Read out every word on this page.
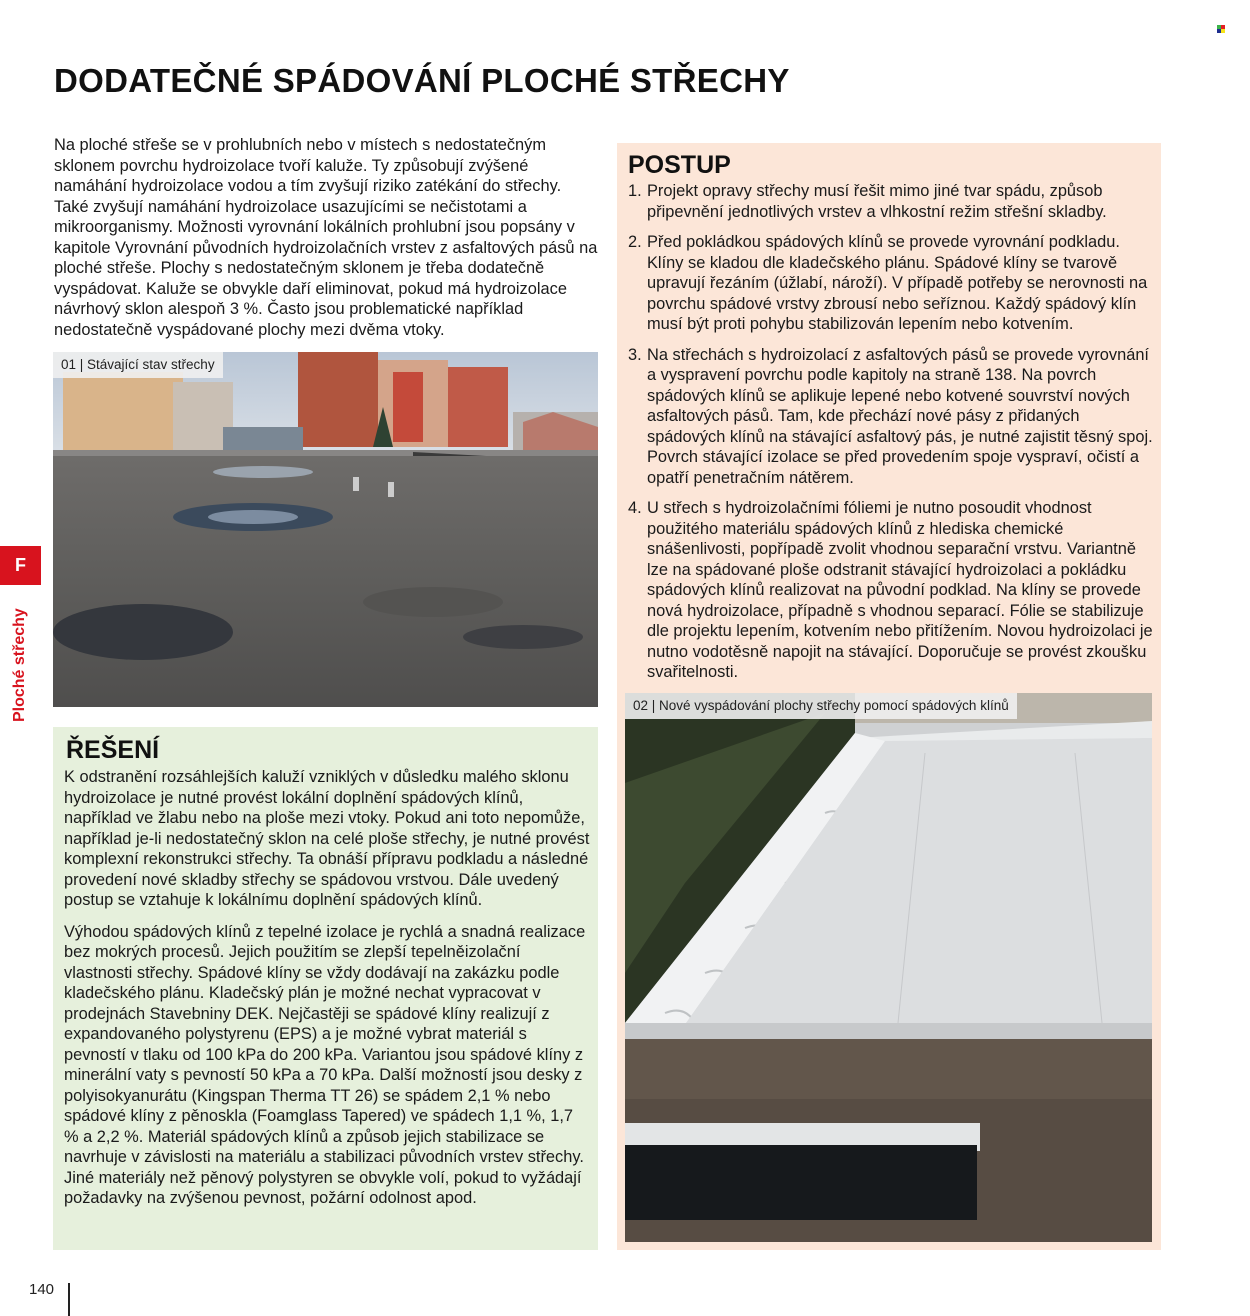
DODATEČNÉ SPÁDOVÁNÍ PLOCHÉ STŘECHY

Na ploché střeše se v prohlubních nebo v místech s nedostatečným sklonem povrchu hydroizolace tvoří kaluže. Ty způsobují zvýšené namáhání hydroizolace vodou a tím zvyšují riziko zatékání do střechy. Také zvyšují namáhání hydroizolace usazujícími se nečistotami a mikroorganismy. Možnosti vyrovnání lokálních prohlubní jsou popsány v kapitole Vyrovnání původních hydroizolačních vrstev z asfaltových pásů na ploché střeše. Plochy s nedostatečným sklonem je třeba dodatečně vyspádovat. Kaluže se obvykle daří eliminovat, pokud má hydroizolace návrhový sklon alespoň 3 %. Často jsou problematické například nedostatečně vyspádované plochy mezi dvěma vtoky.

01 | Stávající stav střechy
ŘEŠENÍ

K odstranění rozsáhlejších kaluží vzniklých v důsledku malého sklonu hydroizolace je nutné provést lokální doplnění spádových klínů, například ve žlabu nebo na ploše mezi vtoky. Pokud ani toto nepomůže, například je-li nedostatečný sklon na celé ploše střechy, je nutné provést komplexní rekonstrukci střechy. Ta obnáší přípravu podkladu a následné provedení nové skladby střechy se spádovou vrstvou. Dále uvedený postup se vztahuje k lokálnímu doplnění spádových klínů.

Výhodou spádových klínů z tepelné izolace je rychlá a snadná realizace bez mokrých procesů. Jejich použitím se zlepší tepelněizolační vlastnosti střechy. Spádové klíny se vždy dodávají na zakázku podle kladečského plánu. Kladečský plán je možné nechat vypracovat v prodejnách Stavebniny DEK. Nejčastěji se spádové klíny realizují z expandovaného polystyrenu (EPS) a je možné vybrat materiál s pevností v tlaku od 100 kPa do 200 kPa. Variantou jsou spádové klíny z minerální vaty s pevností 50 kPa a 70 kPa. Další možností jsou desky z polyisokyanurátu (Kingspan Therma TT 26) se spádem 2,1 % nebo spádové klíny z pěnoskla (Foamglass Tapered) ve spádech 1,1 %, 1,7 % a 2,2 %. Materiál spádových klínů a způsob jejich stabilizace se navrhuje v závislosti na materiálu a stabilizaci původních vrstev střechy. Jiné materiály než pěnový polystyren se obvykle volí, pokud to vyžádají požadavky na zvýšenou pevnost, požární odolnost apod.

POSTUP
1. Projekt opravy střechy musí řešit mimo jiné tvar spádu, způsob připevnění jednotlivých vrstev a vlhkostní režim střešní skladby.
2. Před pokládkou spádových klínů se provede vyrovnání podkladu. Klíny se kladou dle kladečského plánu. Spádové klíny se tvarově upravují řezáním (úžlabí, nároží). V případě potřeby se nerovnosti na povrchu spádové vrstvy zbrousí nebo seříznou. Každý spádový klín musí být proti pohybu stabilizován lepením nebo kotvením.
3. Na střechách s hydroizolací z asfaltových pásů se provede vyrovnání a vyspravení povrchu podle kapitoly na straně 138. Na povrch spádových klínů se aplikuje lepené nebo kotvené souvrství nových asfaltových pásů. Tam, kde přechází nové pásy z přidaných spádových klínů na stávající asfaltový pás, je nutné zajistit těsný spoj. Povrch stávající izolace se před provedením spoje vyspraví, očistí a opatří penetračním nátěrem.
4. U střech s hydroizolačními fóliemi je nutno posoudit vhodnost použitého materiálu spádových klínů z hlediska chemické snášenlivosti, popřípadě zvolit vhodnou separační vrstvu. Variantně lze na spádované ploše odstranit stávající hydroizolaci a pokládku spádových klínů realizovat na původní podklad. Na klíny se provede nová hydroizolace, případně s vhodnou separací. Fólie se stabilizuje dle projektu lepením, kotvením nebo přitížením. Novou hydroizolaci je nutno vodotěsně napojit na stávající. Doporučuje se provést zkoušku svařitelnosti.
02 | Nové vyspádování plochy střechy pomocí spádových klínů
F
Ploché střechy
140
